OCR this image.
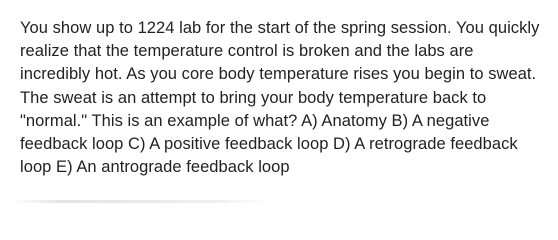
You show up to 1224 lab for the start of the spring session. You quickly realize that the temperature control is broken and the labs are incredibly hot. As you core body temperature rises you begin to sweat. The sweat is an attempt to bring your body temperature back to "normal." This is an example of what? A) Anatomy B) A negative feedback loop C) A positive feedback loop D) A retrograde feedback loop E) An antrograde feedback loop
